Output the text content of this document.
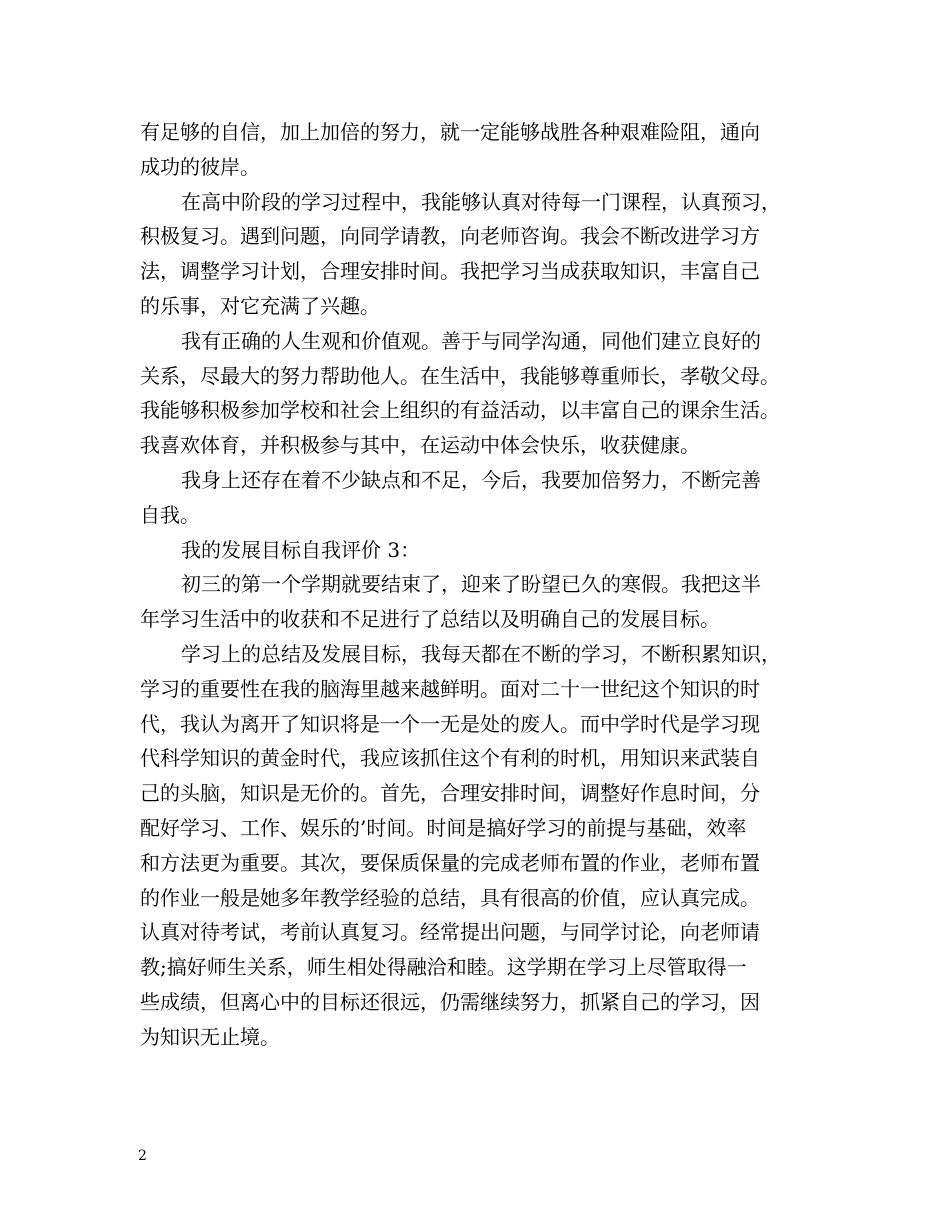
有足够的自信，加上加倍的努力，就一定能够战胜各种艰难险阻，通向
成功的彼岸。
在高中阶段的学习过程中，我能够认真对待每一门课程，认真预习，
积极复习。遇到问题，向同学请教，向老师咨询。我会不断改进学习方
法，调整学习计划，合理安排时间。我把学习当成获取知识，丰富自己
的乐事，对它充满了兴趣。
我有正确的人生观和价值观。善于与同学沟通，同他们建立良好的
关系，尽最大的努力帮助他人。在生活中，我能够尊重师长，孝敬父母。
我能够积极参加学校和社会上组织的有益活动，以丰富自己的课余生活。
我喜欢体育，并积极参与其中，在运动中体会快乐，收获健康。
我身上还存在着不少缺点和不足，今后，我要加倍努力，不断完善
自我。
我的发展目标自我评价 3：
初三的第一个学期就要结束了，迎来了盼望已久的寒假。我把这半
年学习生活中的收获和不足进行了总结以及明确自己的发展目标。
学习上的总结及发展目标，我每天都在不断的学习，不断积累知识，
学习的重要性在我的脑海里越来越鲜明。面对二十一世纪这个知识的时
代，我认为离开了知识将是一个一无是处的废人。而中学时代是学习现
代科学知识的黄金时代，我应该抓住这个有利的时机，用知识来武装自
己的头脑，知识是无价的。首先，合理安排时间，调整好作息时间，分
配好学习、工作、娱乐的’时间。时间是搞好学习的前提与基础，效率
和方法更为重要。其次，要保质保量的完成老师布置的作业，老师布置
的作业一般是她多年教学经验的总结，具有很高的价值，应认真完成。
认真对待考试，考前认真复习。经常提出问题，与同学讨论，向老师请
教;搞好师生关系，师生相处得融洽和睦。这学期在学习上尽管取得一
些成绩，但离心中的目标还很远，仍需继续努力，抓紧自己的学习，因
为知识无止境。
2
